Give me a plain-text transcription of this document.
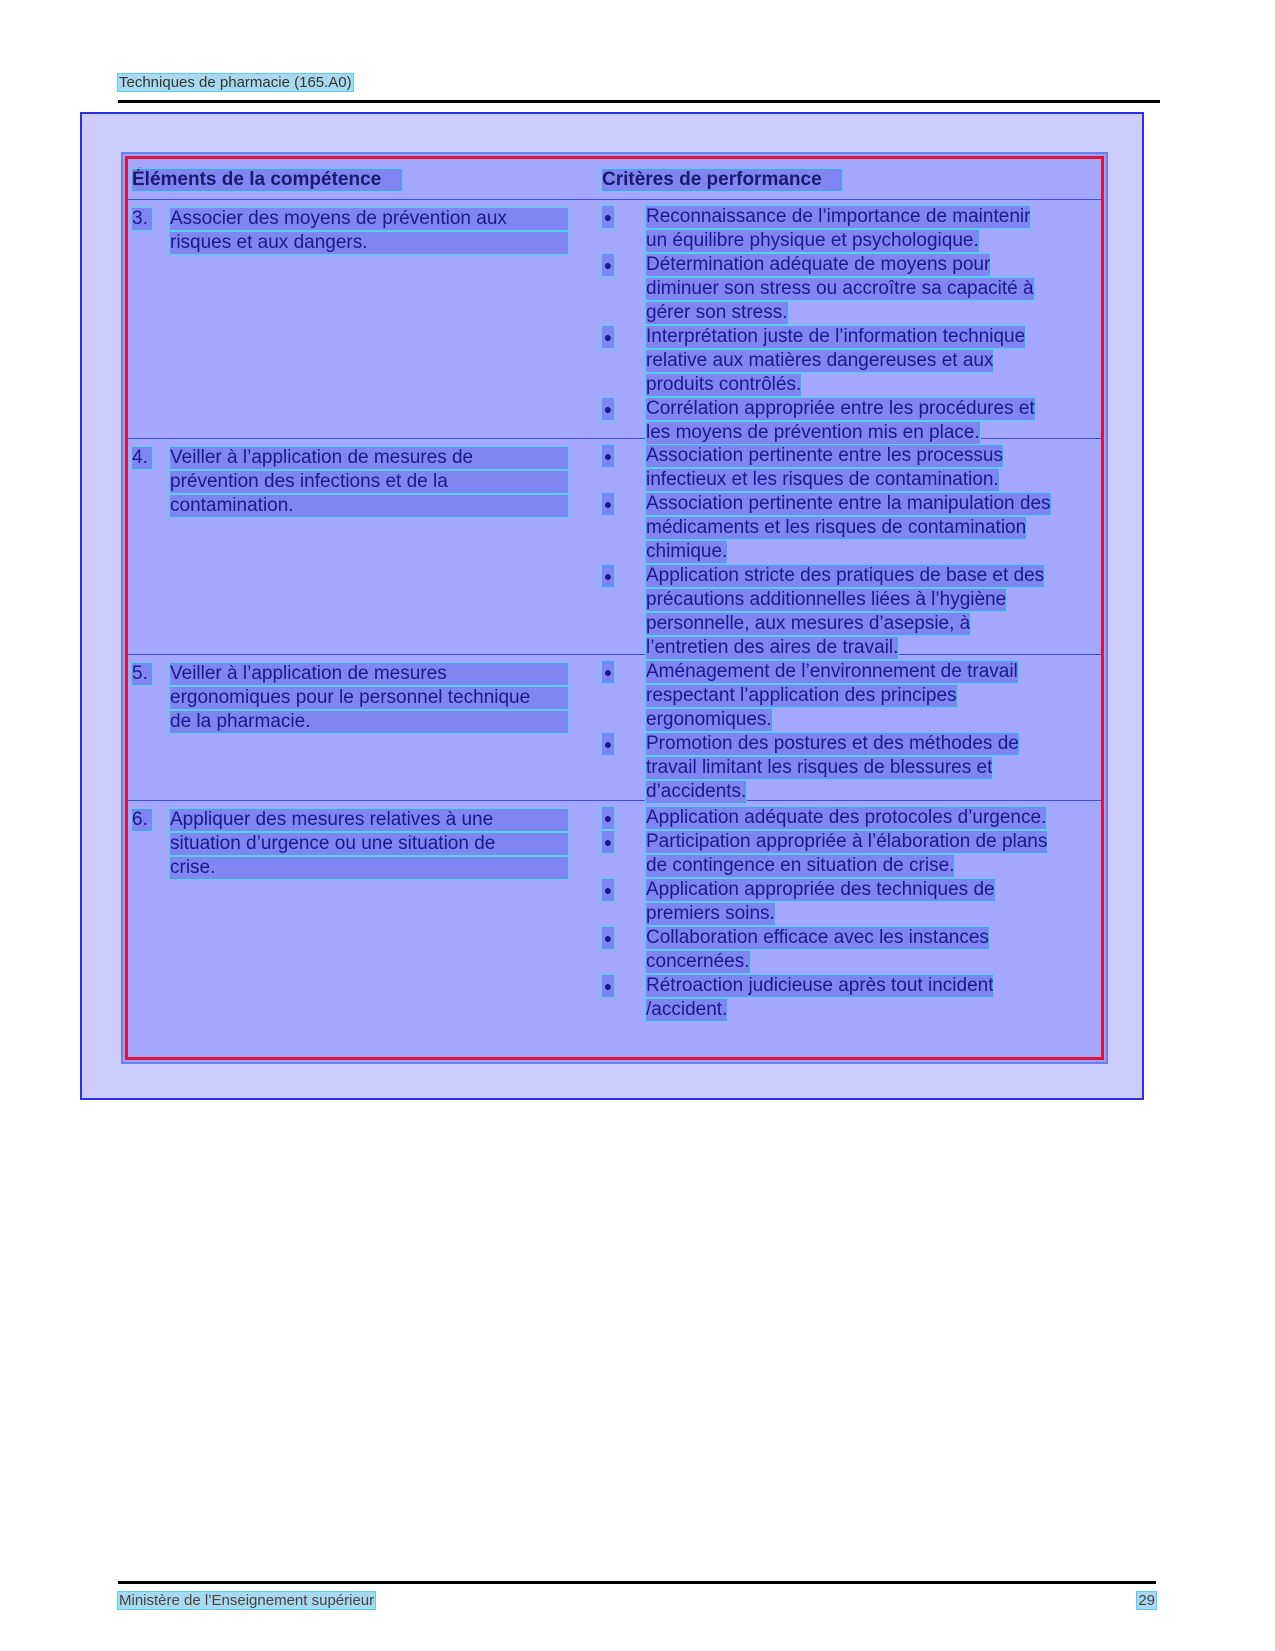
Techniques de pharmacie (165.A0)
Éléments de la compétence	Critères de performance
3. Associer des moyens de prévention aux
risques et aux dangers.
● Reconnaissance de l’importance de maintenir
un équilibre physique et psychologique.
● Détermination adéquate de moyens pour
diminuer son stress ou accroître sa capacité à
gérer son stress.
● Interprétation juste de l’information technique
relative aux matières dangereuses et aux
produits contrôlés.
● Corrélation appropriée entre les procédures et
les moyens de prévention mis en place.
4. Veiller à l’application de mesures de
prévention des infections et de la
contamination.
● Association pertinente entre les processus
infectieux et les risques de contamination.
● Association pertinente entre la manipulation des
médicaments et les risques de contamination
chimique.
● Application stricte des pratiques de base et des
précautions additionnelles liées à l’hygiène
personnelle, aux mesures d’asepsie, à
l’entretien des aires de travail.
5. Veiller à l’application de mesures
ergonomiques pour le personnel technique
de la pharmacie.
● Aménagement de l’environnement de travail
respectant l’application des principes
ergonomiques.
● Promotion des postures et des méthodes de
travail limitant les risques de blessures et
d’accidents.
6. Appliquer des mesures relatives à une
situation d’urgence ou une situation de
crise.
● Application adéquate des protocoles d’urgence.
● Participation appropriée à l’élaboration de plans
de contingence en situation de crise.
● Application appropriée des techniques de
premiers soins.
● Collaboration efficace avec les instances
concernées.
● Rétroaction judicieuse après tout incident
/accident.
Ministère de l’Enseignement supérieur	29
